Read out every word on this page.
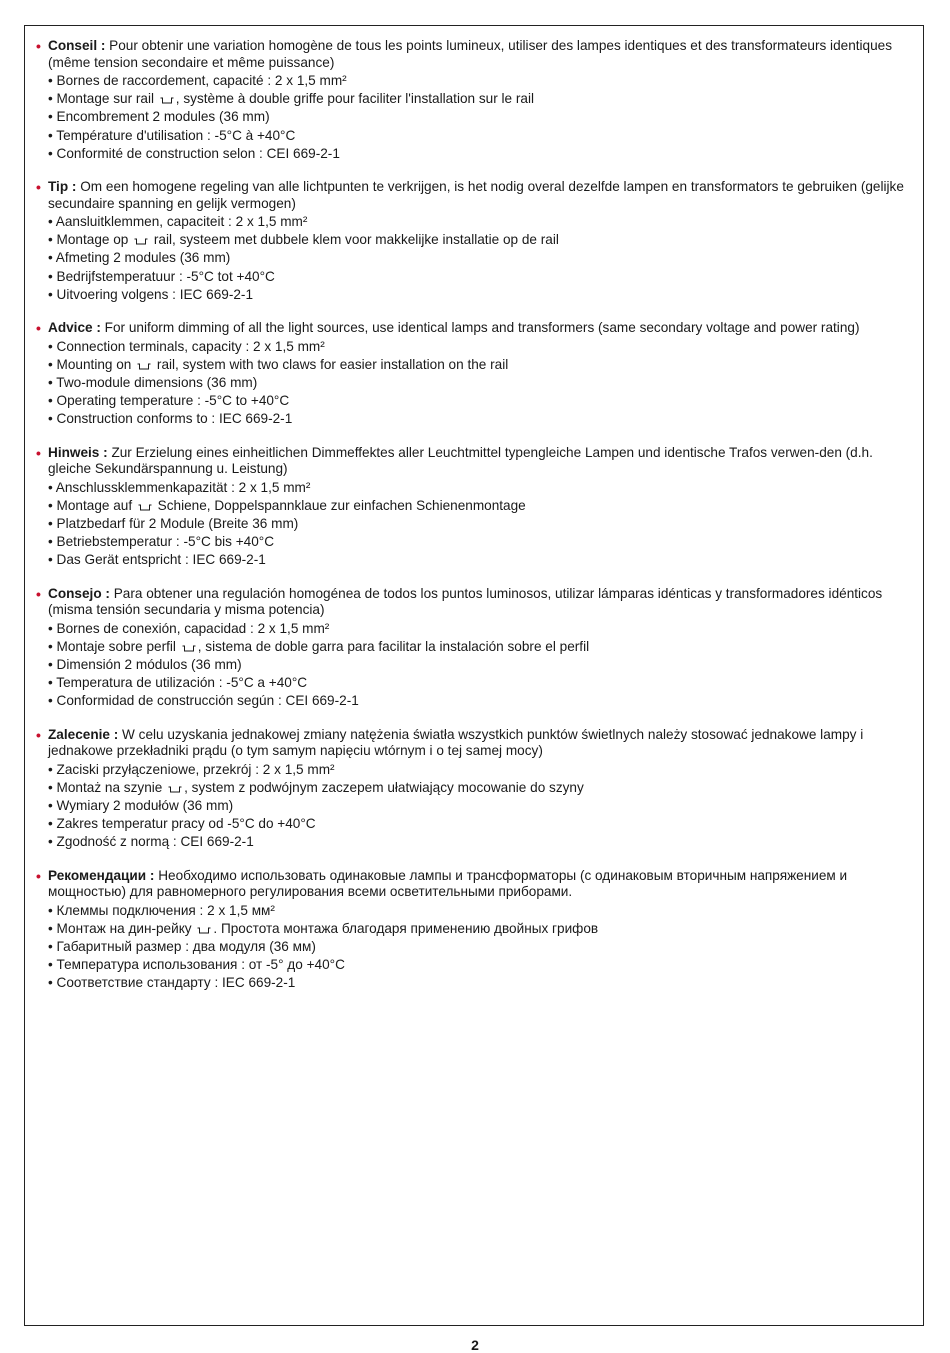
• Conseil : Pour obtenir une variation homogène de tous les points lumineux, utiliser des lampes identiques et des transformateurs identiques (même tension secondaire et même puissance)

• Bornes de raccordement, capacité : 2 x 1,5 mm²
• Montage sur rail , système à double griffe pour faciliter l'installation sur le rail
• Encombrement 2 modules (36 mm)
• Température d'utilisation : -5°C à +40°C
• Conformité de construction selon : CEI 669-2-1

• Tip : Om een homogene regeling van alle lichtpunten te verkrijgen, is het nodig overal dezelfde lampen en transformators te gebruiken (gelijke secundaire spanning en gelijk vermogen)

• Aansluitklemmen, capaciteit : 2 x 1,5 mm²
• Montage op  rail, systeem met dubbele klem voor makkelijke installatie op de rail
• Afmeting 2 modules (36 mm)
• Bedrijfstemperatuur : -5°C tot +40°C
• Uitvoering volgens : IEC 669-2-1

• Advice : For uniform dimming of all the light sources, use identical lamps and transformers (same secondary voltage and power rating)

• Connection terminals, capacity : 2 x 1,5 mm²
• Mounting on  rail, system with two claws for easier installation on the rail
• Two-module dimensions (36 mm)
• Operating temperature : -5°C to +40°C
• Construction conforms to : IEC 669-2-1

• Hinweis : Zur Erzielung eines einheitlichen Dimmeffektes aller Leuchtmittel typengleiche Lampen und identische Trafos verwen-den (d.h. gleiche Sekundärspannung u. Leistung)

• Anschlussklemmenkapazität : 2 x 1,5 mm²
• Montage auf  Schiene, Doppelspannklaue zur einfachen Schienenmontage
• Platzbedarf für 2 Module (Breite 36 mm)
• Betriebstemperatur : -5°C bis +40°C
• Das Gerät entspricht : IEC 669-2-1

• Consejo : Para obtener una regulación homogénea de todos los puntos luminosos, utilizar lámparas idénticas y transformadores idénticos (misma tensión secundaria y misma potencia)

• Bornes de conexión, capacidad : 2 x 1,5 mm²
• Montaje sobre perfil , sistema de doble garra para facilitar la instalación sobre el perfil
• Dimensión 2 módulos (36 mm)
• Temperatura de utilización : -5°C a +40°C
• Conformidad de construcción según : CEI 669-2-1

• Zalecenie : W celu uzyskania jednakowej zmiany natężenia światła wszystkich punktów świetlnych należy stosować jednakowe lampy i jednakowe przekładniki prądu (o tym samym napięciu wtórnym i o tej samej mocy)

• Zaciski przyłączeniowe, przekrój : 2 x 1,5 mm²
• Montaż na szynie , system z podwójnym zaczepem ułatwiający mocowanie do szyny
• Wymiary 2 modułów (36 mm)
• Zakres temperatur pracy od -5°C do +40°C
• Zgodność z normą : CEI 669-2-1

• Рекомендации : Необходимо использовать одинаковые лампы и трансформаторы (с одинаковым вторичным напряжением и мощностью) для равномерного регулирования всеми осветительными приборами.

• Клеммы подключения : 2 x 1,5 мм²
• Монтаж на дин-рейку . Простота монтажа благодаря применению двойных грифов
• Габаритный размер : два модуля (36 мм)
• Температура использования : от -5° до +40°C
• Соответствие стандарту : IEC 669-2-1
2
